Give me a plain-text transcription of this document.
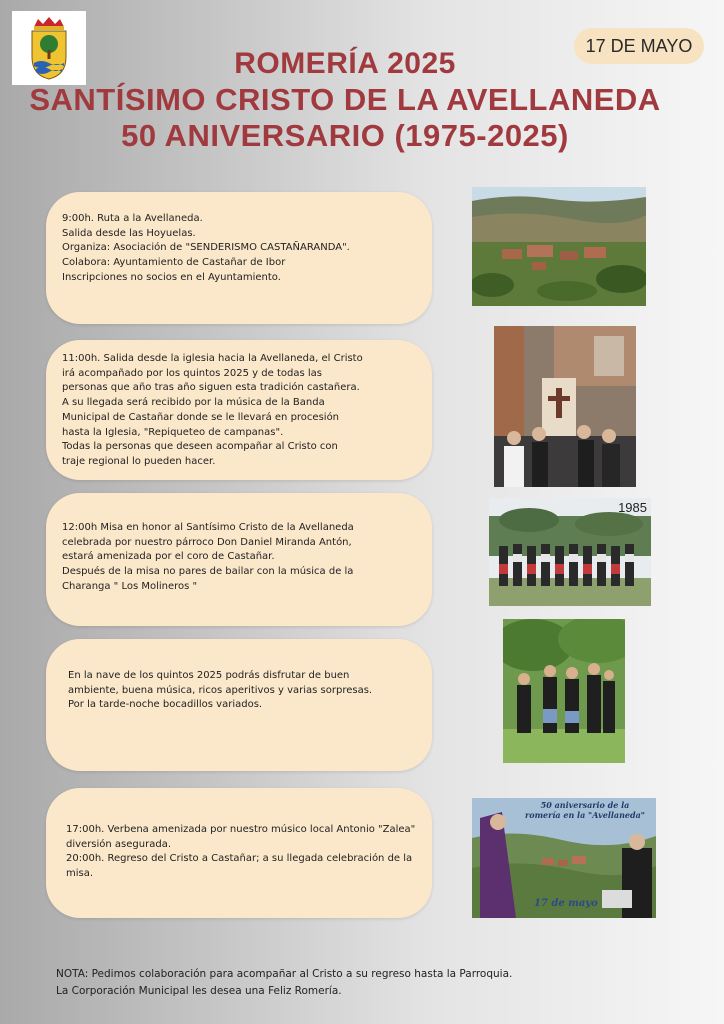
17 DE MAYO
ROMERÍA 2025
SANTÍSIMO CRISTO DE LA AVELLANEDA
50 ANIVERSARIO (1975-2025)
9:00h. Ruta a la Avellaneda.
Salida desde las Hoyuelas.
Organiza: Asociación de "SENDERISMO CASTAÑARANDA".
Colabora: Ayuntamiento de Castañar de Ibor
Inscripciones no socios en el Ayuntamiento.
11:00h. Salida desde la iglesia hacia la Avellaneda, el Cristo
irá acompañado por los quintos 2025 y de todas las
personas que año tras año siguen esta tradición castañera.
A su llegada será recibido por la música de la Banda
Municipal de Castañar donde se le llevará en procesión
hasta la Iglesia, "Repiqueteo de campanas".
Todas la personas que deseen acompañar al Cristo con
traje regional lo pueden hacer.
12:00h Misa en honor al Santísimo Cristo de la Avellaneda
celebrada por nuestro párroco Don Daniel Miranda Antón,
estará amenizada por el coro de Castañar.
Después de la misa no pares de bailar con la música de la
Charanga " Los Molineros "
En la nave de los quintos 2025 podrás disfrutar de buen
ambiente, buena música, ricos aperitivos y varias sorpresas.
Por la tarde-noche bocadillos variados.
17:00h. Verbena amenizada por nuestro músico local Antonio "Zalea"
diversión asegurada.
20:00h. Regreso del Cristo a Castañar; a su llegada celebración de la
misa.
1985
50 aniversario de la
romería en la "Avellaneda"
17 de mayo
NOTA: Pedimos colaboración para acompañar al Cristo a su regreso hasta la Parroquia.
La Corporación Municipal les desea una Feliz Romería.
